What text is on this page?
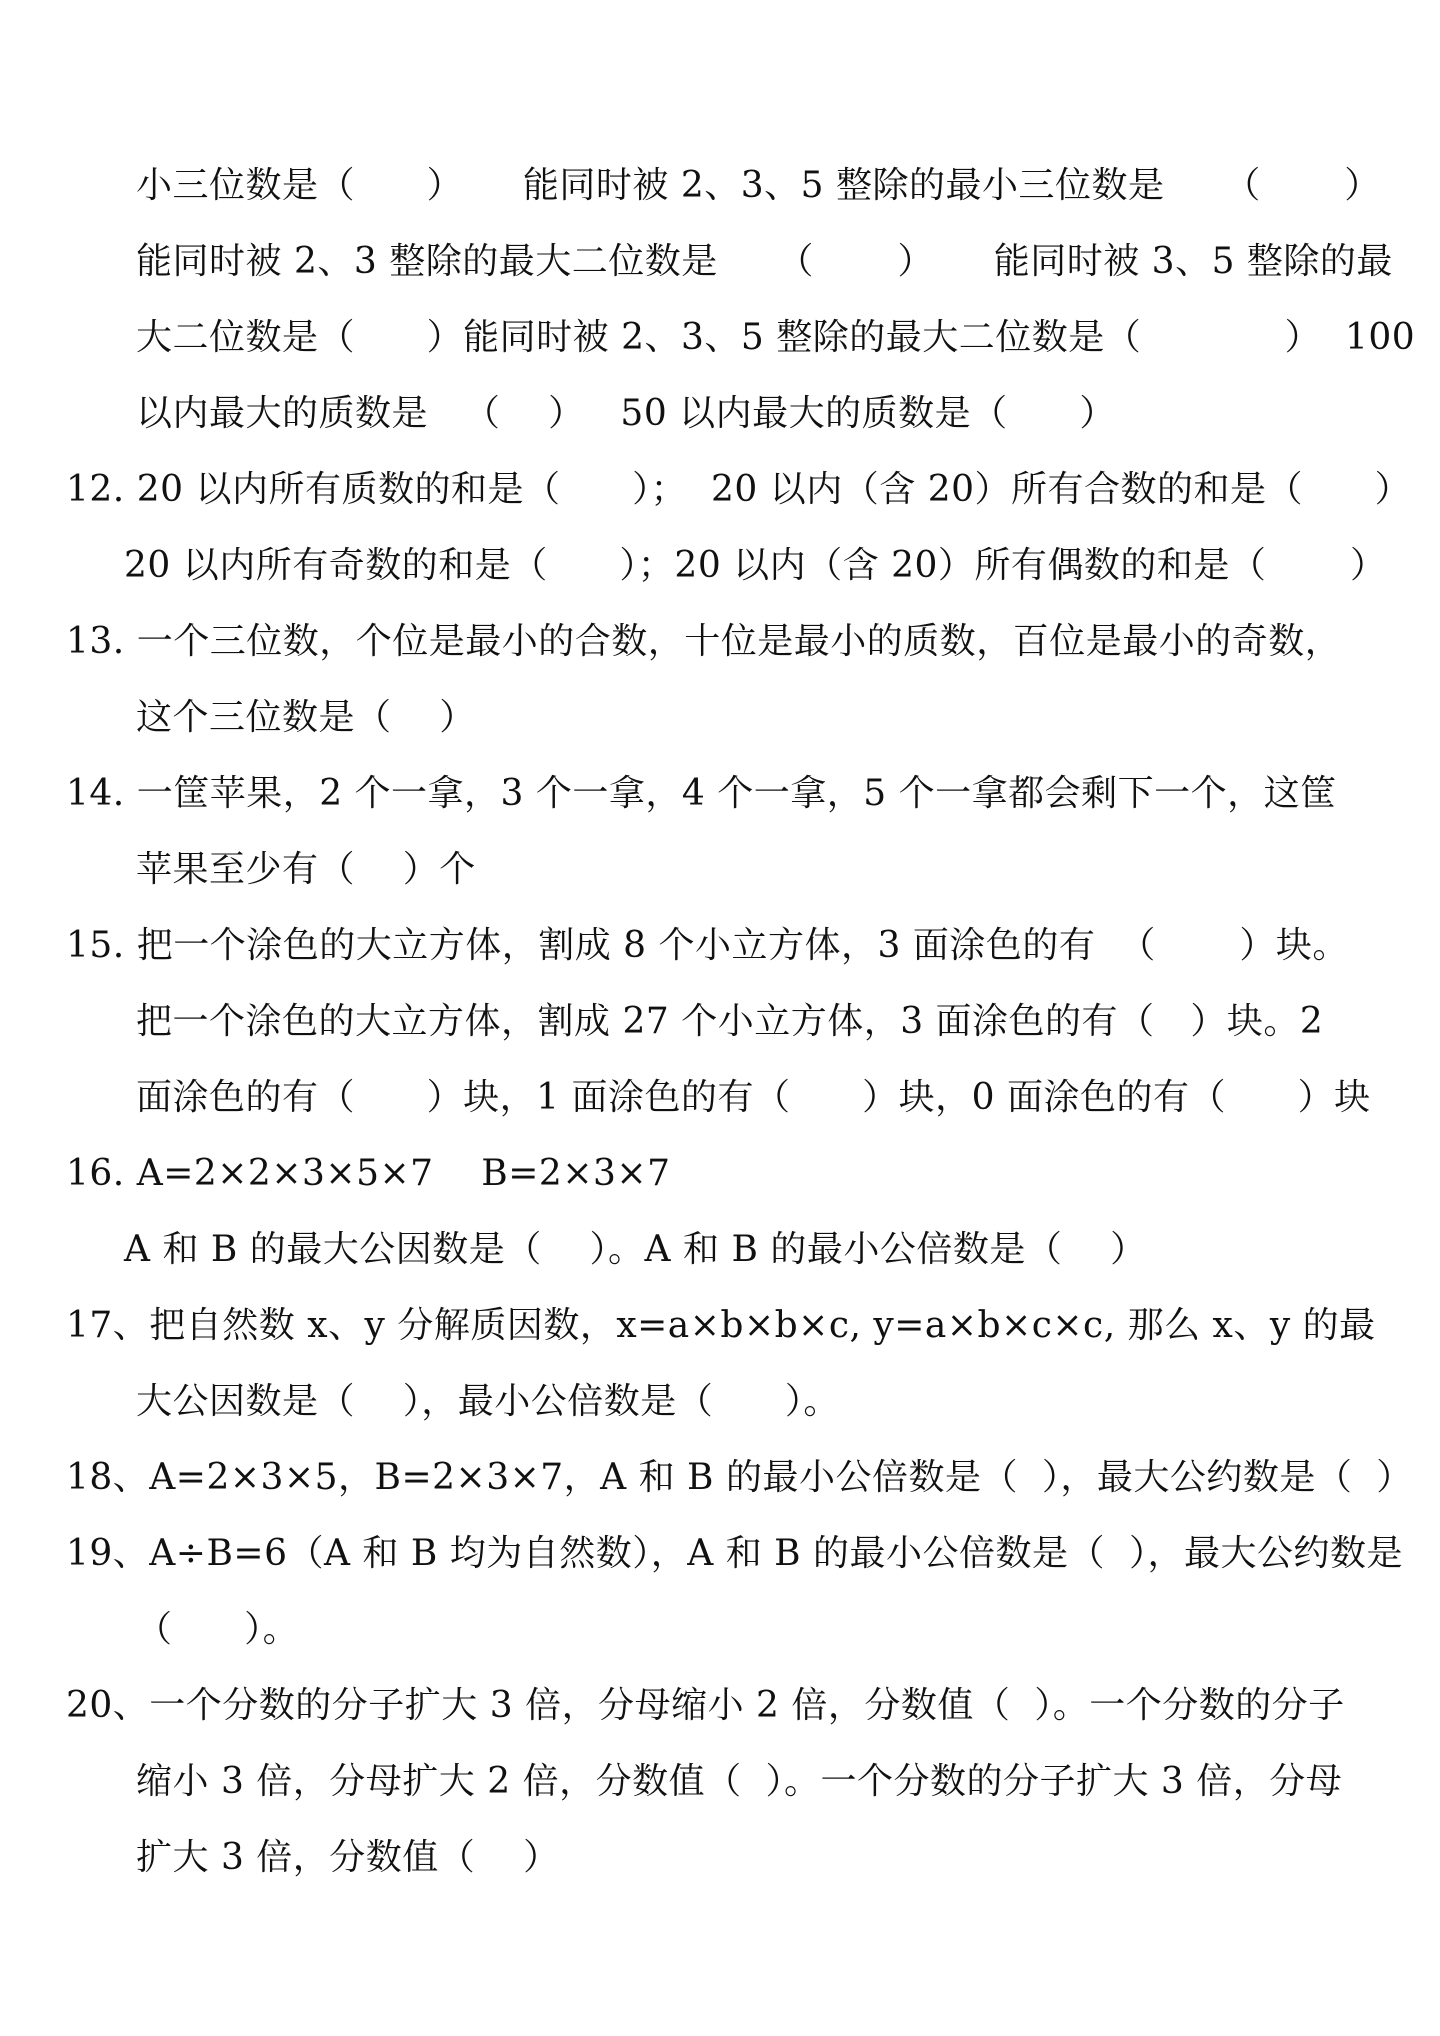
小三位数是（      ）     能同时被 2、3、5 整除的最小三位数是     （       ）
能同时被 2、3 整除的最大二位数是     （       ）     能同时被 3、5 整除的最
大二位数是（      ）能同时被 2、3、5 整除的最大二位数是（            ）  100
以内最大的质数是   （    ）   50 以内最大的质数是（      ）
12. 20 以内所有质数的和是（      ）；  20 以内（含 20）所有合数的和是（      ）
20 以内所有奇数的和是（      ）；20 以内（含 20）所有偶数的和是（       ）
13. 一个三位数，个位是最小的合数，十位是最小的质数，百位是最小的奇数，
这个三位数是（    ）
14. 一筐苹果，2 个一拿，3 个一拿，4 个一拿，5 个一拿都会剩下一个，这筐
苹果至少有（    ）个
15. 把一个涂色的大立方体，割成 8 个小立方体，3 面涂色的有  （       ）块。
把一个涂色的大立方体，割成 27 个小立方体，3 面涂色的有（   ）块。2
面涂色的有（      ）块，1 面涂色的有（      ）块，0 面涂色的有（      ）块
16. A=2×2×3×5×7    B=2×3×7
A 和 B 的最大公因数是（    ）。A 和 B 的最小公倍数是（    ）
17、把自然数 x、y 分解质因数，x=a×b×b×c, y=a×b×c×c, 那么 x、y 的最
大公因数是（    ），最小公倍数是（      ）。
18、A=2×3×5，B=2×3×7，A 和 B 的最小公倍数是（  ），最大公约数是（  ）
19、A÷B=6（A 和 B 均为自然数），A 和 B 的最小公倍数是（  ），最大公约数是
（      ）。
20、一个分数的分子扩大 3 倍，分母缩小 2 倍，分数值（  ）。一个分数的分子
缩小 3 倍，分母扩大 2 倍，分数值（  ）。一个分数的分子扩大 3 倍，分母
扩大 3 倍，分数值（    ）
